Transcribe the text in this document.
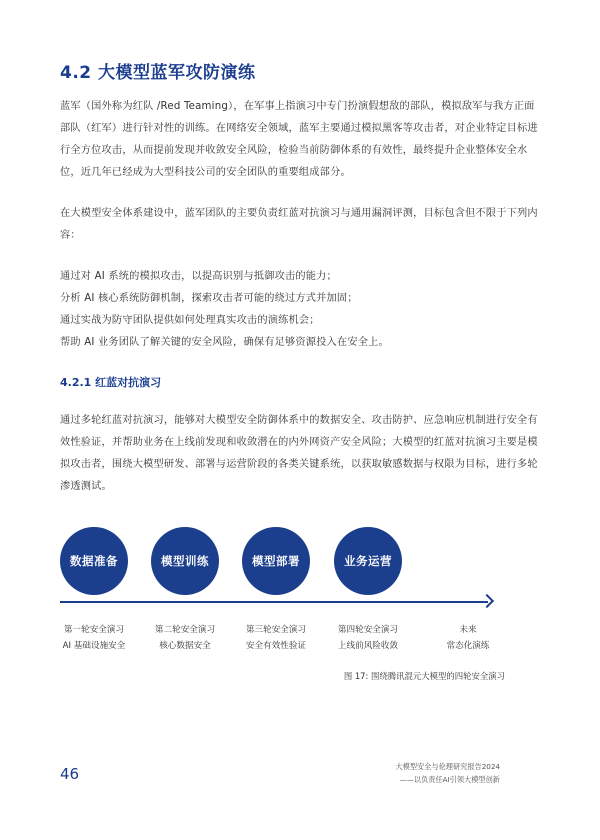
4.2 大模型蓝军攻防演练

蓝军（国外称为红队 /Red Teaming），在军事上指演习中专门扮演假想敌的部队，模拟敌军与我方正面部队（红军）进行针对性的训练。在网络安全领域，蓝军主要通过模拟黑客等攻击者，对企业特定目标进行全方位攻击，从而提前发现并收敛安全风险，检验当前防御体系的有效性，最终提升企业整体安全水位，近几年已经成为大型科技公司的安全团队的重要组成部分。

在大模型安全体系建设中，蓝军团队的主要负责红蓝对抗演习与通用漏洞评测，目标包含但不限于下列内容：

通过对 AI 系统的模拟攻击，以提高识别与抵御攻击的能力；
分析 AI 核心系统防御机制，探索攻击者可能的绕过方式并加固；
通过实战为防守团队提供如何处理真实攻击的演练机会；
帮助 AI 业务团队了解关键的安全风险，确保有足够资源投入在安全上。
4.2.1 红蓝对抗演习

通过多轮红蓝对抗演习，能够对大模型安全防御体系中的数据安全、攻击防护、应急响应机制进行安全有效性验证，并帮助业务在上线前发现和收敛潜在的内外网资产安全风险；大模型的红蓝对抗演习主要是模拟攻击者，围绕大模型研发、部署与运营阶段的各类关键系统，以获取敏感数据与权限为目标，进行多轮渗透测试。

数据准备	模型训练	模型部署	业务运营
第一轮安全演习
AI 基础设施安全
第二轮安全演习
核心数据安全
第三轮安全演习
安全有效性验证
第四轮安全演习
上线前风险收敛
未来
常态化演练
图 17: 围绕腾讯混元大模型的四轮安全演习
46	大模型安全与伦理研究报告2024
——以负责任AI引领大模型创新
